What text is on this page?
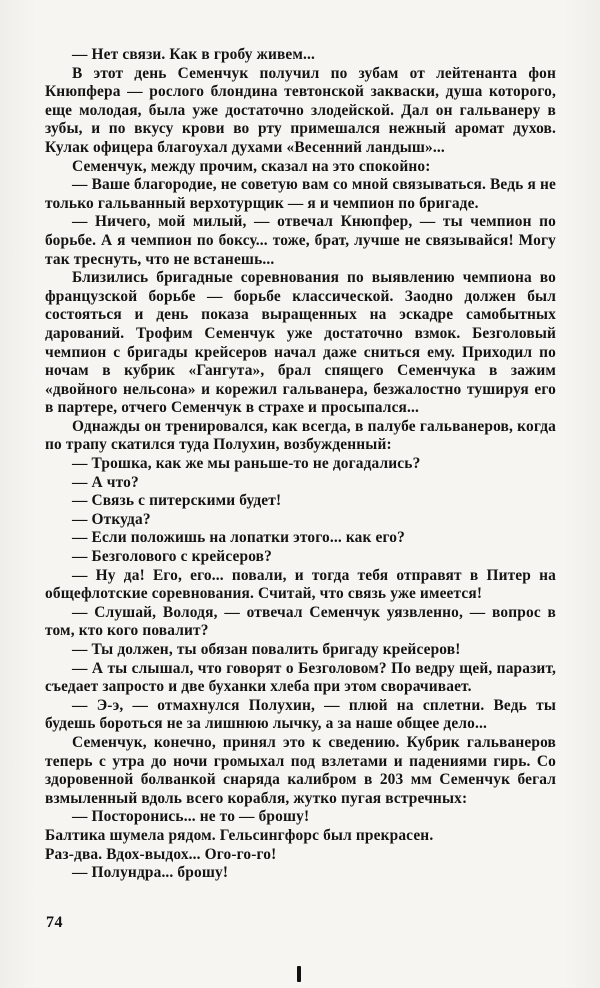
— Нет связи. Как в гробу живем...

В этот день Семенчук получил по зубам от лейтенанта фон Кнюпфера — рослого блондина тевтонской закваски, душа которого, еще молодая, была уже достаточно злодейской. Дал он гальванеру в зубы, и по вкусу крови во рту примешался нежный аромат духов. Кулак офицера благоухал духами «Весенний ландыш»...

Семенчук, между прочим, сказал на это спокойно:

— Ваше благородие, не советую вам со мной связываться. Ведь я не только гальванный верхотурщик — я и чемпион по бригаде.

— Ничего, мой милый, — отвечал Кнюпфер, — ты чемпион по борьбе. А я чемпион по боксу... тоже, брат, лучше не связывайся! Могу так треснуть, что не встанешь...

Близились бригадные соревнования по выявлению чемпиона во французской борьбе — борьбе классической. Заодно должен был состояться и день показа выращенных на эскадре самобытных дарований. Трофим Семенчук уже достаточно взмок. Безголовый чемпион с бригады крейсеров начал даже сниться ему. Приходил по ночам в кубрик «Гангута», брал спящего Семенчука в зажим «двойного нельсона» и корежил гальванера, безжалостно тушируя его в партере, отчего Семенчук в страхе и просыпался...

Однажды он тренировался, как всегда, в палубе гальванеров, когда по трапу скатился туда Полухин, возбужденный:

— Трошка, как же мы раньше-то не догадались?

— А что?

— Связь с питерскими будет!

— Откуда?

— Если положишь на лопатки этого... как его?

— Безголового с крейсеров?

— Ну да! Его, его... повали, и тогда тебя отправят в Питер на общефлотские соревнования. Считай, что связь уже имеется!

— Слушай, Володя, — отвечал Семенчук уязвленно, — вопрос в том, кто кого повалит?

— Ты должен, ты обязан повалить бригаду крейсеров!

— А ты слышал, что говорят о Безголовом? По ведру щей, паразит, съедает запросто и две буханки хлеба при этом сворачивает.

— Э-э, — отмахнулся Полухин, — плюй на сплетни. Ведь ты будешь бороться не за лишнюю лычку, а за наше общее дело...

Семенчук, конечно, принял это к сведению. Кубрик гальванеров теперь с утра до ночи громыхал под взлетами и падениями гирь. Со здоровенной болванкой снаряда калибром в 203 мм Семенчук бегал взмыленный вдоль всего корабля, жутко пугая встречных:

— Посторонись... не то — брошу!

Балтика шумела рядом. Гельсингфорс был прекрасен.

Раз-два. Вдох-выдох... Ого-го-го!

— Полундра... брошу!

74
